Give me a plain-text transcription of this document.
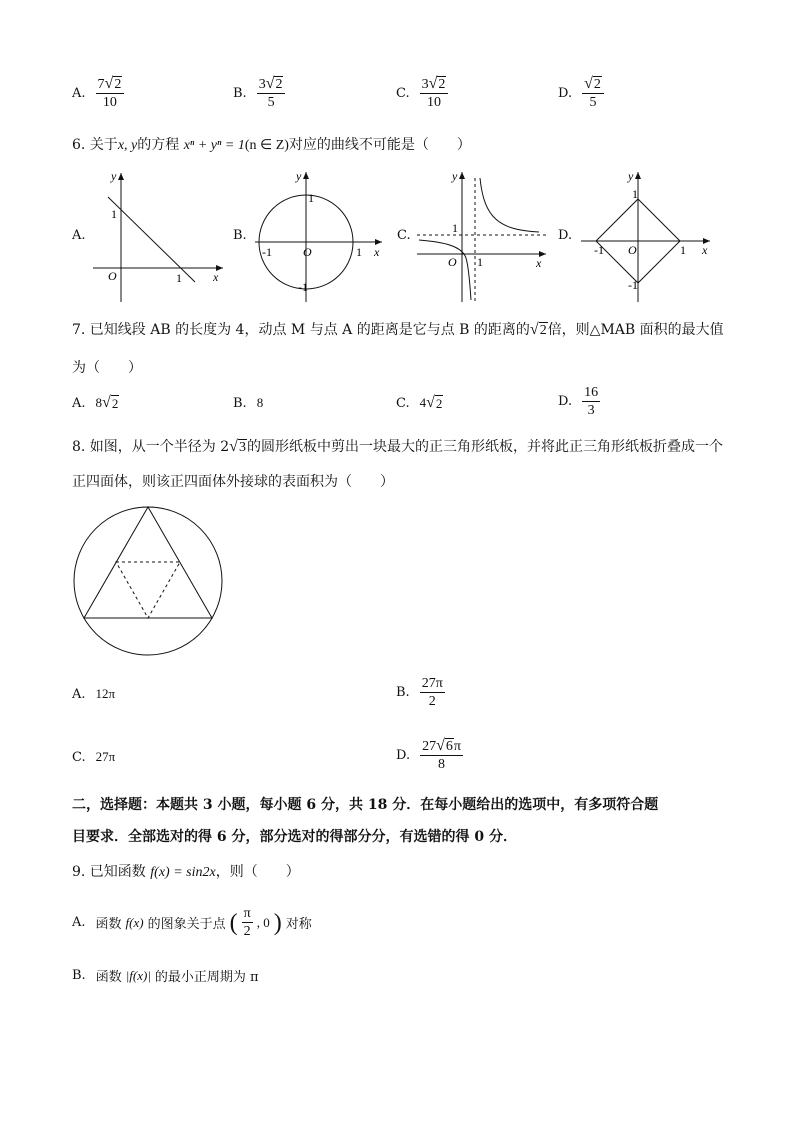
A. $\frac{7 √ 2}{10}$	B. $\frac{3 √ 2}{5}$	C. $\frac{3 √ 2}{10}$	D. $\frac{√ 2}{5}$
6. 关于x, y的方程 xⁿ + yⁿ = 1(n ∈ Z)对应的曲线不可能是（　　）
A.
y
x
1
O	1
B.
y
x
1
-1	1
O
-1
C.
y
x
1
O 1
D.
y
x
1
-1	1
O
-1
7. 已知线段 AB 的长度为 4，动点 M 与点 A 的距离是它与点 B 的距离的 √ 2 倍，则△MAB 面积的最大值
为（　　）
A. 8 √ 2	B. 8	C. 4 √ 2	D. $\frac{16}{3}$
8. 如图，从一个半径为 2 √ 3 的圆形纸板中剪出一块最大的正三角形纸板，并将此正三角形纸板折叠成一个
正四面体，则该正四面体外接球的表面积为（　　）
A. 12π	B. $\frac{27\pi}{2}$
C. 27π	D. $\frac{27 √ 6 \pi}{8}$
二，选择题：本题共 3 小题，每小题 6 分，共 18 分．在每小题给出的选项中，有多项符合题
目要求．全部选对的得 6 分，部分选对的得部分分，有选错的得 0 分．
9. 已知函数 f(x) = sin2x，则（　　）
A. 函数 f(x) 的图象关于点 ( $\frac{\pi}{2}$ , 0 ) 对称
B. 函数 |f(x)| 的最小正周期为 π
